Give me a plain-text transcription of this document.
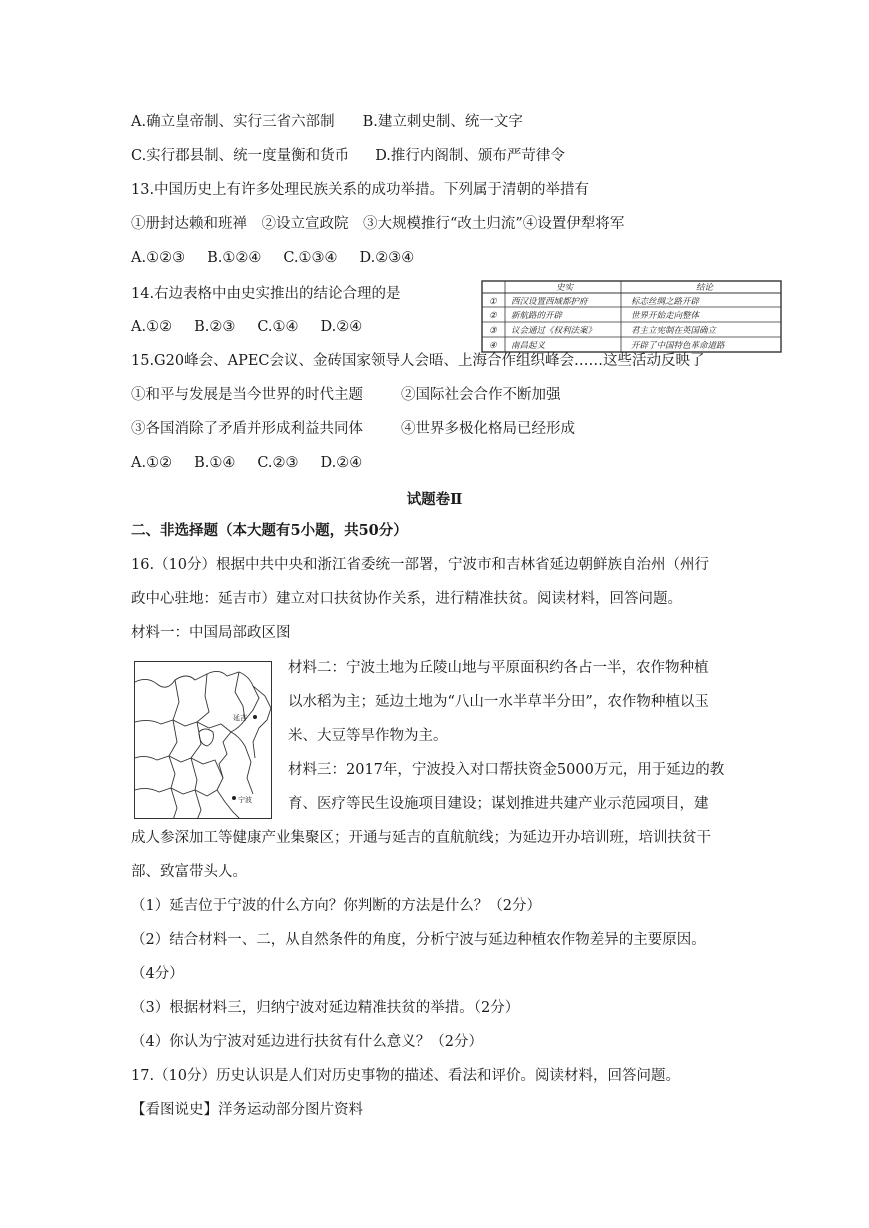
A.确立皇帝制、实行三省六部制 B.建立刺史制、统一文字
C.实行郡县制、统一度量衡和货币 D.推行内阁制、颁布严苛律令
13.中国历史上有许多处理民族关系的成功举措。下列属于清朝的举措有
①册封达赖和班禅　②设立宣政院　③大规模推行“改土归流”④设置伊犁将军
A.①②③ B.①②④ C.①③④ D.②③④
14.右边表格中由史实推出的结论合理的是
A.①② B.②③ C.①④ D.②④
史实	结论
① 西汉设置西域都护府	标志丝绸之路开辟
② 新航路的开辟	世界开始走向整体
③ 议会通过《权利法案》	君主立宪制在英国确立
④ 南昌起义	开辟了中国特色革命道路
15.G20峰会、APEC会议、金砖国家领导人会晤、上海合作组织峰会……这些活动反映了
①和平与发展是当今世界的时代主题	②国际社会合作不断加强
③各国消除了矛盾并形成利益共同体	④世界多极化格局已经形成
A.①② B.①④ C.②③ D.②④
试题卷Ⅱ
二、非选择题（本大题有5小题，共50分）
16.（10分）根据中共中央和浙江省委统一部署，宁波市和吉林省延边朝鲜族自治州（州行
政中心驻地：延吉市）建立对口扶贫协作关系，进行精准扶贫。阅读材料，回答问题。
材料一：中国局部政区图
延吉
宁波
材料二：宁波土地为丘陵山地与平原面积约各占一半，农作物种植
以水稻为主；延边土地为“八山一水半草半分田”，农作物种植以玉
米、大豆等旱作物为主。
材料三：2017年，宁波投入对口帮扶资金5000万元，用于延边的教
育、医疗等民生设施项目建设；谋划推进共建产业示范园项目，建
成人参深加工等健康产业集聚区；开通与延吉的直航航线；为延边开办培训班，培训扶贫干
部、致富带头人。
（1）延吉位于宁波的什么方向？你判断的方法是什么？（2分）
（2）结合材料一、二，从自然条件的角度，分析宁波与延边种植农作物差异的主要原因。
（4分）
（3）根据材料三，归纳宁波对延边精准扶贫的举措。（2分）
（4）你认为宁波对延边进行扶贫有什么意义？（2分）
17.（10分）历史认识是人们对历史事物的描述、看法和评价。阅读材料，回答问题。
【看图说史】洋务运动部分图片资料
